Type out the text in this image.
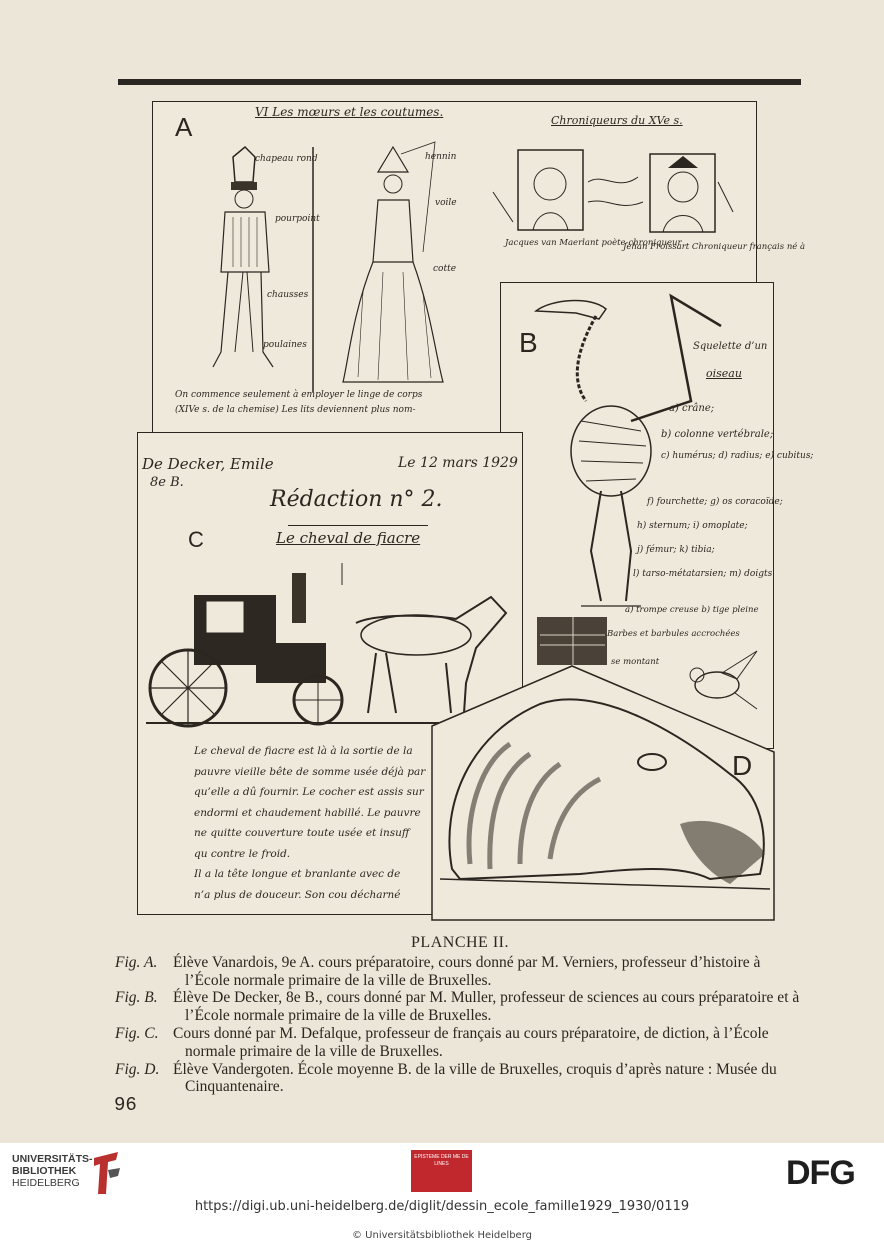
A	VI Les mœurs et les coutumes.
Chroniqueurs du XVe s.
chapeau rond
pourpoint
chausses
poulaines
hennin
voile
cotte
Jacques van Maerlant poète-chroniqueur
Jehan Froissart Chroniqueur français né à
On commence seulement à employer le linge de corps (XIVe s. de la chemise) Les lits deviennent plus nom-
B	Squelette d’un
oiseau
a) crâne;
b) colonne vertébrale;
c) humérus; d) radius; e) cubitus;
f) fourchette; g) os coracoïde;
h) sternum; i) omoplate;
j) fémur; k) tibia;
l) tarso-métatarsien; m) doigts
a) trompe creuse b) tige pleine
Barbes et barbules accrochées
se montant
De Decker, Emile
8e B.
Le 12 mars 1929
Rédaction n° 2.
C	Le cheval de fiacre
Le cheval de fiacre est là à la sortie de la
pauvre vieille bête de somme usée déjà par
qu’elle a dû fournir. Le cocher est assis sur
endormi et chaudement habillé. Le pauvre
ne quitte couverture toute usée et insuff
qu contre le froid.
Il a la tête longue et branlante avec de
n’a plus de douceur. Son cou décharné
D
PLANCHE II.
Fig. A. Élève Vanardois, 9e A. cours préparatoire, cours donné par M. Verniers, professeur d’histoire à l’École normale primaire de la ville de Bruxelles.
Fig. B. Élève De Decker, 8e B., cours donné par M. Muller, professeur de sciences au cours préparatoire et à l’École normale primaire de la ville de Bruxelles.
Fig. C. Cours donné par M. Defalque, professeur de français au cours préparatoire, de diction, à l’École normale primaire de la ville de Bruxelles.
Fig. D. Élève Vandergoten. École moyenne B. de la ville de Bruxelles, croquis d’après nature : Musée du Cinquantenaire.
96
UNIVERSITÄTS-
BIBLIOTHEK
HEIDELBERG
EPISTEME DER ME DE LINES	DFG
https://digi.ub.uni-heidelberg.de/diglit/dessin_ecole_famille1929_1930/0119
© Universitätsbibliothek Heidelberg
